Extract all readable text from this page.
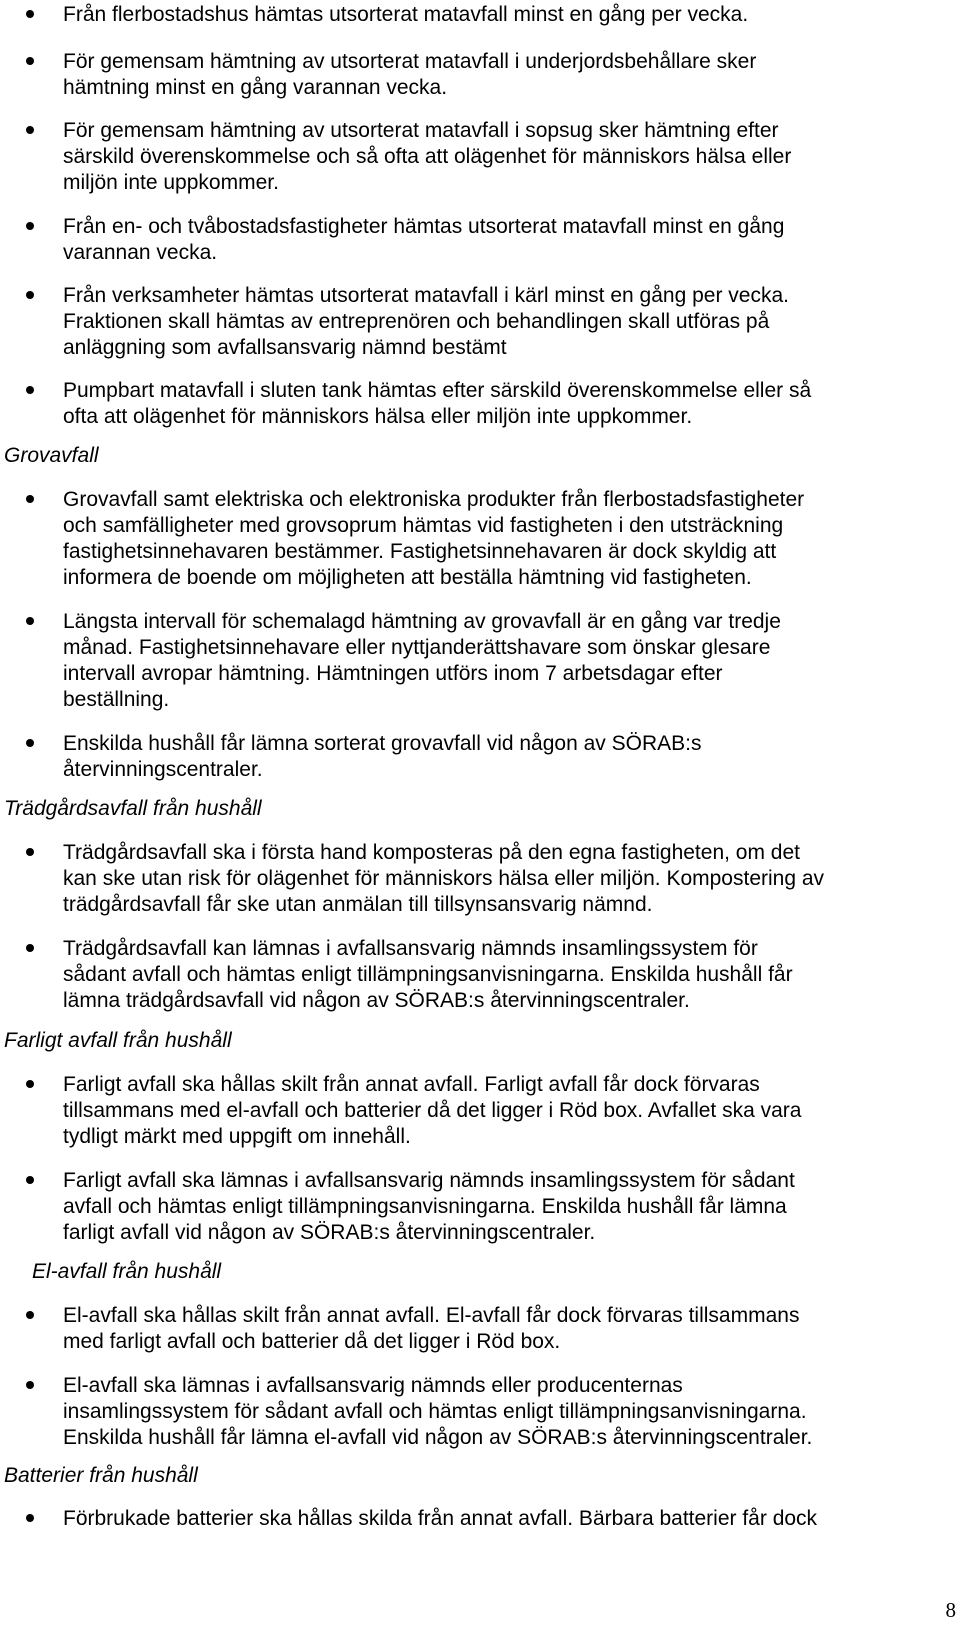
Från flerbostadshus hämtas utsorterat matavfall minst en gång per vecka.
För gemensam hämtning av utsorterat matavfall i underjordsbehållare sker
hämtning minst en gång varannan vecka.
För gemensam hämtning av utsorterat matavfall i sopsug sker hämtning efter
särskild överenskommelse och så ofta att olägenhet för människors hälsa eller
miljön inte uppkommer.
Från en- och tvåbostadsfastigheter hämtas utsorterat matavfall minst en gång
varannan vecka.
Från verksamheter hämtas utsorterat matavfall i kärl minst en gång per vecka.
Fraktionen skall hämtas av entreprenören och behandlingen skall utföras på
anläggning som avfallsansvarig nämnd bestämt
Pumpbart matavfall i sluten tank hämtas efter särskild överenskommelse eller så
ofta att olägenhet för människors hälsa eller miljön inte uppkommer.
Grovavfall
Grovavfall samt elektriska och elektroniska produkter från flerbostadsfastigheter
och samfälligheter med grovsoprum hämtas vid fastigheten i den utsträckning
fastighetsinnehavaren bestämmer. Fastighetsinnehavaren är dock skyldig att
informera de boende om möjligheten att beställa hämtning vid fastigheten.
Längsta intervall för schemalagd hämtning av grovavfall är en gång var tredje
månad. Fastighetsinnehavare eller nyttjanderättshavare som önskar glesare
intervall avropar hämtning. Hämtningen utförs inom 7 arbetsdagar efter
beställning.
Enskilda hushåll får lämna sorterat grovavfall vid någon av SÖRAB:s
återvinningscentraler.
Trädgårdsavfall från hushåll
Trädgårdsavfall ska i första hand komposteras på den egna fastigheten, om det
kan ske utan risk för olägenhet för människors hälsa eller miljön. Kompostering av
trädgårdsavfall får ske utan anmälan till tillsynsansvarig nämnd.
Trädgårdsavfall kan lämnas i avfallsansvarig nämnds insamlingssystem för
sådant avfall och hämtas enligt tillämpningsanvisningarna. Enskilda hushåll får
lämna trädgårdsavfall vid någon av SÖRAB:s återvinningscentraler.
Farligt avfall från hushåll
Farligt avfall ska hållas skilt från annat avfall. Farligt avfall får dock förvaras
tillsammans med el-avfall och batterier då det ligger i Röd box. Avfallet ska vara
tydligt märkt med uppgift om innehåll.
Farligt avfall ska lämnas i avfallsansvarig nämnds insamlingssystem för sådant
avfall och hämtas enligt tillämpningsanvisningarna. Enskilda hushåll får lämna
farligt avfall vid någon av SÖRAB:s återvinningscentraler.
El-avfall från hushåll
El-avfall ska hållas skilt från annat avfall. El-avfall får dock förvaras tillsammans
med farligt avfall och batterier då det ligger i Röd box.
El-avfall ska lämnas i avfallsansvarig nämnds eller producenternas
insamlingssystem för sådant avfall och hämtas enligt tillämpningsanvisningarna.
Enskilda hushåll får lämna el-avfall vid någon av SÖRAB:s återvinningscentraler.
Batterier från hushåll
Förbrukade batterier ska hållas skilda från annat avfall. Bärbara batterier får dock
8
